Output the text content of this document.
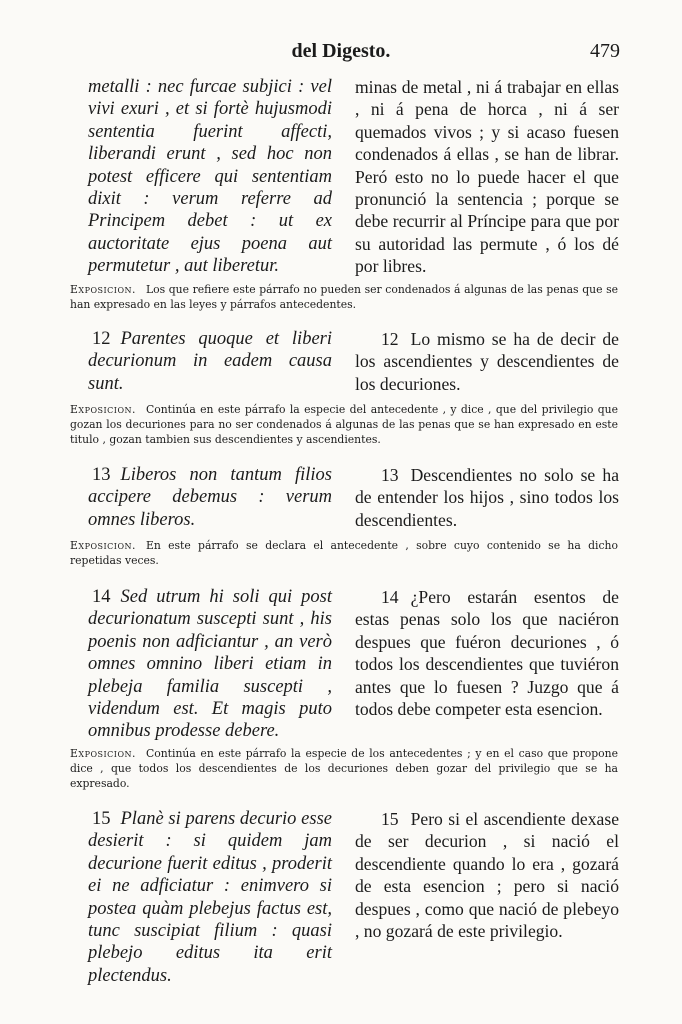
del Digesto.	479
metalli : nec furcae subjici : vel vivi exuri , et si fortè hujusmodi sententia fuerint affecti, liberandi erunt , sed hoc non potest efficere qui sententiam dixit : verum referre ad Principem debet : ut ex auctoritate ejus poena aut permutetur , aut liberetur.
minas de metal , ni á trabajar en ellas , ni á pena de horca , ni á ser quemados vivos ; y si acaso fuesen condenados á ellas , se han de librar. Peró esto no lo puede hacer el que pronunció la sentencia ; porque se debe recurrir al Príncipe para que por su autoridad las permute , ó los dé por libres.
Exposicion. Los que refiere este párrafo no pueden ser condenados á algunas de las penas que se han expresado en las leyes y párrafos antecedentes.
12 Parentes quoque et liberi decurionum in eadem causa sunt.
12 Lo mismo se ha de decir de los ascendientes y descendientes de los decuriones.
Exposicion. Continúa en este párrafo la especie del antecedente , y dice , que del privilegio que gozan los decuriones para no ser condenados á algunas de las penas que se han expresado en este titulo , gozan tambien sus descendientes y ascendientes.
13 Liberos non tantum filios accipere debemus : verum omnes liberos.
13 Descendientes no solo se ha de entender los hijos , sino todos los descendientes.
Exposicion. En este párrafo se declara el antecedente , sobre cuyo contenido se ha dicho repetidas veces.
14 Sed utrum hi soli qui post decurionatum suscepti sunt , his poenis non adficiantur , an verò omnes omnino liberi etiam in plebeja familia suscepti , videndum est. Et magis puto omnibus prodesse debere.
14 ¿Pero estarán esentos de estas penas solo los que naciéron despues que fuéron decuriones , ó todos los descendientes que tuviéron antes que lo fuesen ? Juzgo que á todos debe competer esta esencion.
Exposicion. Continúa en este párrafo la especie de los antecedentes ; y en el caso que propone dice , que todos los descendientes de los decuriones deben gozar del privilegio que se ha expresado.
15 Planè si parens decurio esse desierit : si quidem jam decurione fuerit editus , proderit ei ne adficiatur : enimvero si postea quàm plebejus factus est, tunc suscipiat filium : quasi plebejo editus ita erit plectendus.
15 Pero si el ascendiente dexase de ser decurion , si nació el descendiente quando lo era , gozará de esta esencion ; pero si nació despues , como que nació de plebeyo , no gozará de este privilegio.
